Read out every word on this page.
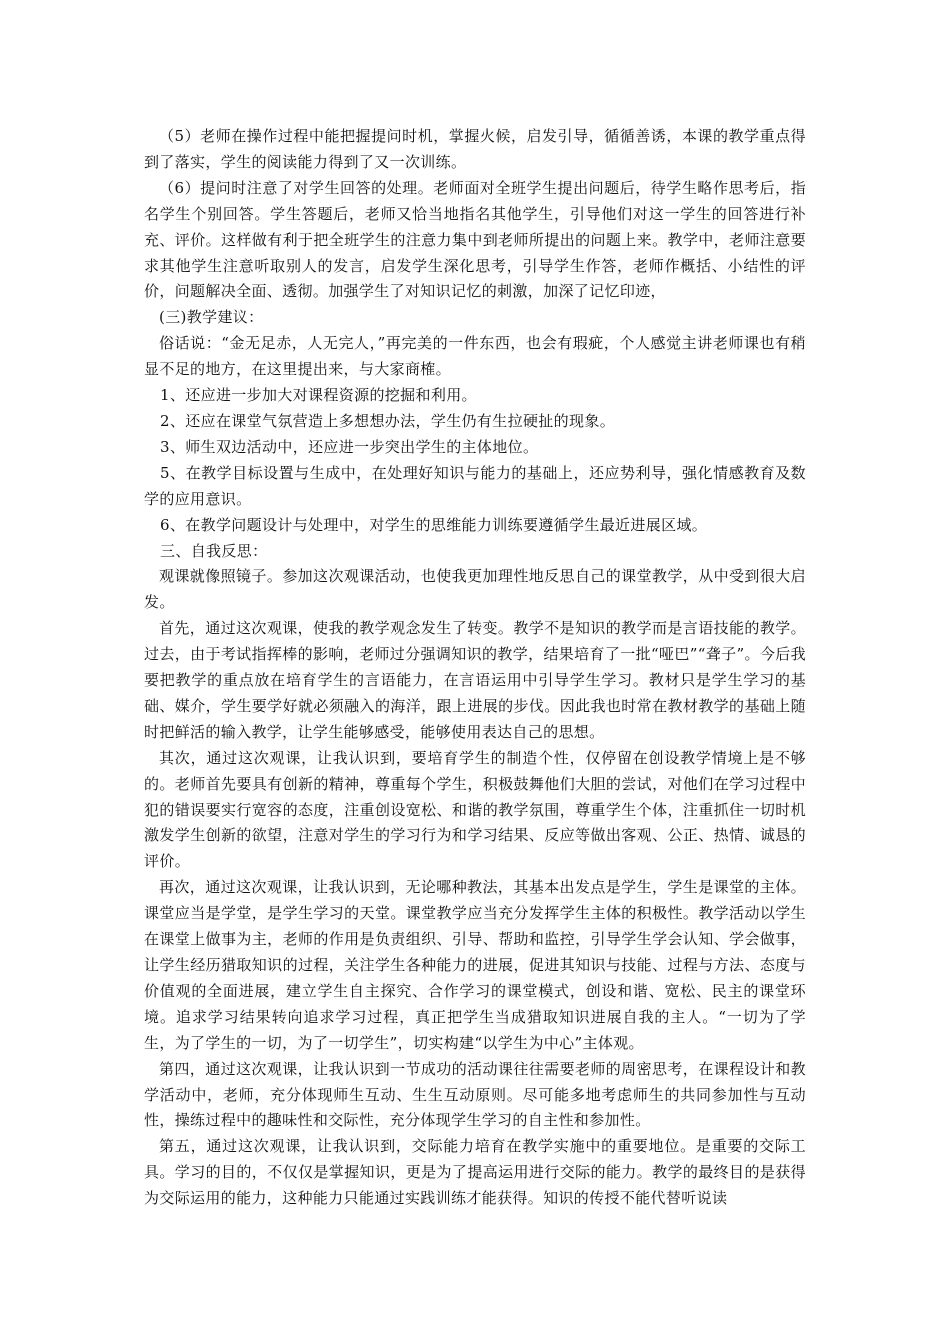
（5）老师在操作过程中能把握提问时机，掌握火候，启发引导，循循善诱，本课的教学重点得到了落实，学生的阅读能力得到了又一次训练。

（6）提问时注意了对学生回答的处理。老师面对全班学生提出问题后，待学生略作思考后，指名学生个别回答。学生答题后，老师又恰当地指名其他学生，引导他们对这一学生的回答进行补充、评价。这样做有利于把全班学生的注意力集中到老师所提出的问题上来。教学中，老师注意要求其他学生注意听取别人的发言，启发学生深化思考，引导学生作答，老师作概括、小结性的评价，问题解决全面、透彻。加强学生了对知识记忆的刺激，加深了记忆印迹，

(三)教学建议：

俗话说：“金无足赤，人无完人，”再完美的一件东西，也会有瑕疵，个人感觉主讲老师课也有稍显不足的地方，在这里提出来，与大家商榷。

1、还应进一步加大对课程资源的挖掘和利用。

2、还应在课堂气氛营造上多想想办法，学生仍有生拉硬扯的现象。

3、师生双边活动中，还应进一步突出学生的主体地位。

5、在教学目标设置与生成中，在处理好知识与能力的基础上，还应势利导，强化情感教育及数学的应用意识。

6、在教学问题设计与处理中，对学生的思维能力训练要遵循学生最近进展区域。

三、自我反思：

观课就像照镜子。参加这次观课活动，也使我更加理性地反思自己的课堂教学，从中受到很大启发。

首先，通过这次观课，使我的教学观念发生了转变。教学不是知识的教学而是言语技能的教学。过去，由于考试指挥棒的影响，老师过分强调知识的教学，结果培育了一批“哑巴”“聋子”。今后我要把教学的重点放在培育学生的言语能力，在言语运用中引导学生学习。教材只是学生学习的基础、媒介，学生要学好就必须融入的海洋，跟上进展的步伐。因此我也时常在教材教学的基础上随时把鲜活的输入教学，让学生能够感受，能够使用表达自己的思想。

其次，通过这次观课，让我认识到，要培育学生的制造个性，仅停留在创设教学情境上是不够的。老师首先要具有创新的精神，尊重每个学生，积极鼓舞他们大胆的尝试，对他们在学习过程中犯的错误要实行宽容的态度，注重创设宽松、和谐的教学氛围，尊重学生个体，注重抓住一切时机激发学生创新的欲望，注意对学生的学习行为和学习结果、反应等做出客观、公正、热情、诚恳的评价。

再次，通过这次观课，让我认识到，无论哪种教法，其基本出发点是学生，学生是课堂的主体。课堂应当是学堂，是学生学习的天堂。课堂教学应当充分发挥学生主体的积极性。教学活动以学生在课堂上做事为主，老师的作用是负责组织、引导、帮助和监控，引导学生学会认知、学会做事，让学生经历猎取知识的过程，关注学生各种能力的进展，促进其知识与技能、过程与方法、态度与价值观的全面进展，建立学生自主探究、合作学习的课堂模式，创设和谐、宽松、民主的课堂环境。追求学习结果转向追求学习过程，真正把学生当成猎取知识进展自我的主人。“一切为了学生，为了学生的一切，为了一切学生”，切实构建“以学生为中心”主体观。

第四，通过这次观课，让我认识到一节成功的活动课往往需要老师的周密思考，在课程设计和教学活动中，老师，充分体现师生互动、生生互动原则。尽可能多地考虑师生的共同参加性与互动性，操练过程中的趣味性和交际性，充分体现学生学习的自主性和参加性。

第五，通过这次观课，让我认识到，交际能力培育在教学实施中的重要地位。是重要的交际工具。学习的目的，不仅仅是掌握知识，更是为了提高运用进行交际的能力。教学的最终目的是获得为交际运用的能力，这种能力只能通过实践训练才能获得。知识的传授不能代替听说读
